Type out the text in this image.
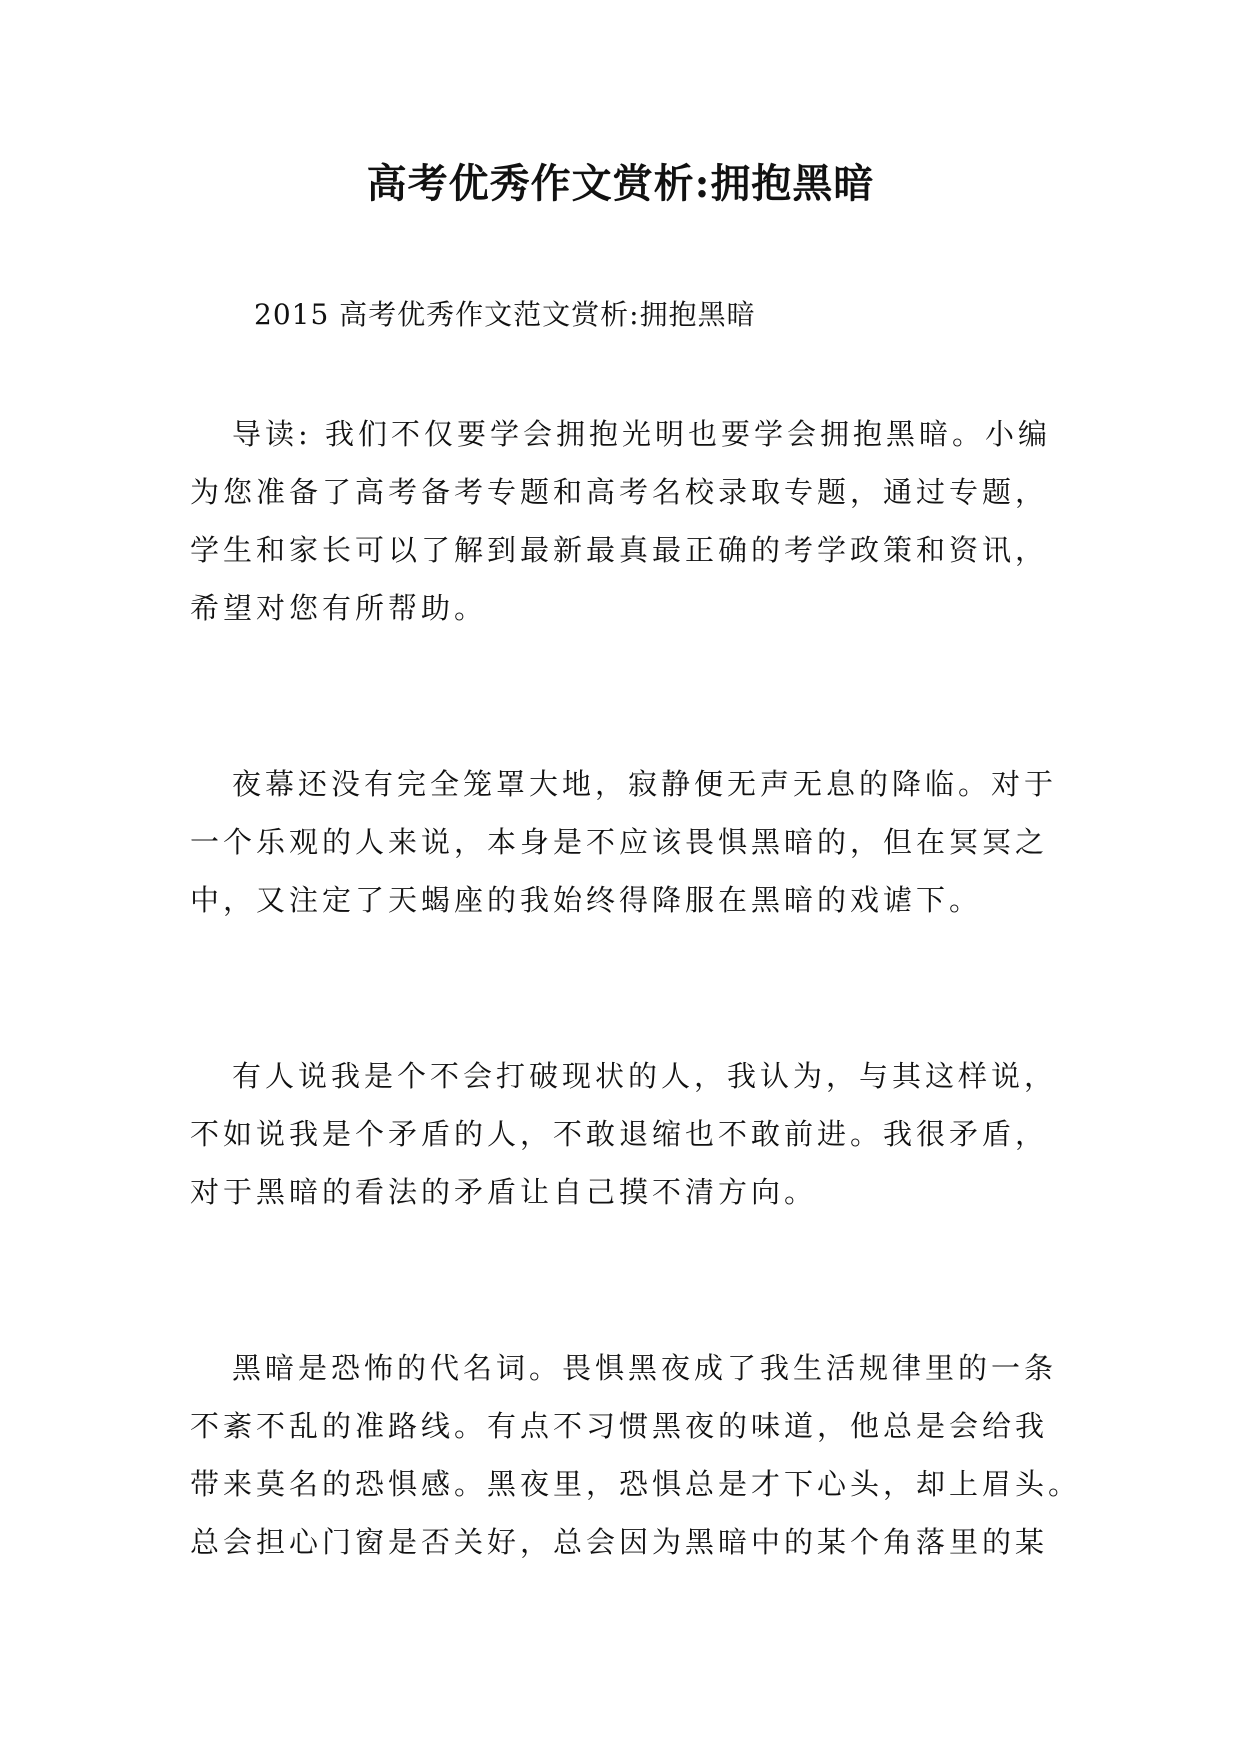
高考优秀作文赏析:拥抱黑暗

2015 高考优秀作文范文赏析:拥抱黑暗

导读: 我们不仅要学会拥抱光明也要学会拥抱黑暗。小编
为您准备了高考备考专题和高考名校录取专题，通过专题，
学生和家长可以了解到最新最真最正确的考学政策和资讯，
希望对您有所帮助。
夜幕还没有完全笼罩大地，寂静便无声无息的降临。对于
一个乐观的人来说，本身是不应该畏惧黑暗的，但在冥冥之
中，又注定了天蝎座的我始终得降服在黑暗的戏谑下。
有人说我是个不会打破现状的人，我认为，与其这样说，
不如说我是个矛盾的人，不敢退缩也不敢前进。我很矛盾，
对于黑暗的看法的矛盾让自己摸不清方向。
黑暗是恐怖的代名词。畏惧黑夜成了我生活规律里的一条
不紊不乱的准路线。有点不习惯黑夜的味道，他总是会给我
带来莫名的恐惧感。黑夜里，恐惧总是才下心头，却上眉头。
总会担心门窗是否关好，总会因为黑暗中的某个角落里的某
